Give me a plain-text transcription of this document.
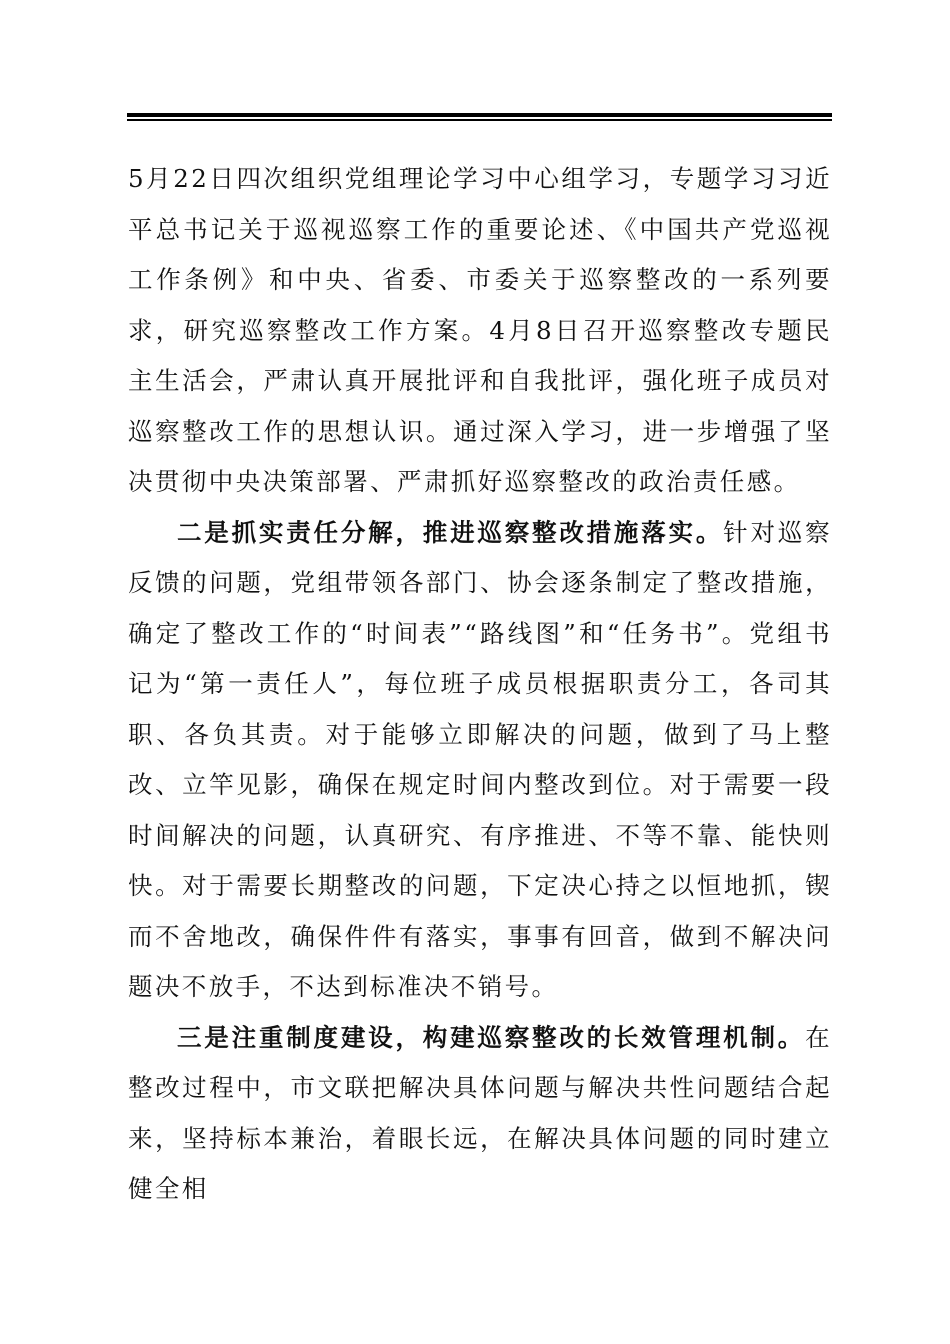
5月22日四次组织党组理论学习中心组学习，专题学习习近平总书记关于巡视巡察工作的重要论述、《中国共产党巡视工作条例》和中央、省委、市委关于巡察整改的一系列要求，研究巡察整改工作方案。4月8日召开巡察整改专题民主生活会，严肃认真开展批评和自我批评，强化班子成员对巡察整改工作的思想认识。通过深入学习，进一步增强了坚决贯彻中央决策部署、严肃抓好巡察整改的政治责任感。

二是抓实责任分解，推进巡察整改措施落实。针对巡察反馈的问题，党组带领各部门、协会逐条制定了整改措施，确定了整改工作的“时间表”“路线图”和“任务书”。党组书记为“第一责任人”，每位班子成员根据职责分工，各司其职、各负其责。对于能够立即解决的问题，做到了马上整改、立竿见影，确保在规定时间内整改到位。对于需要一段时间解决的问题，认真研究、有序推进、不等不靠、能快则快。对于需要长期整改的问题，下定决心持之以恒地抓，锲而不舍地改，确保件件有落实，事事有回音，做到不解决问题决不放手，不达到标准决不销号。

三是注重制度建设，构建巡察整改的长效管理机制。在整改过程中，市文联把解决具体问题与解决共性问题结合起来，坚持标本兼治，着眼长远，在解决具体问题的同时建立健全相
